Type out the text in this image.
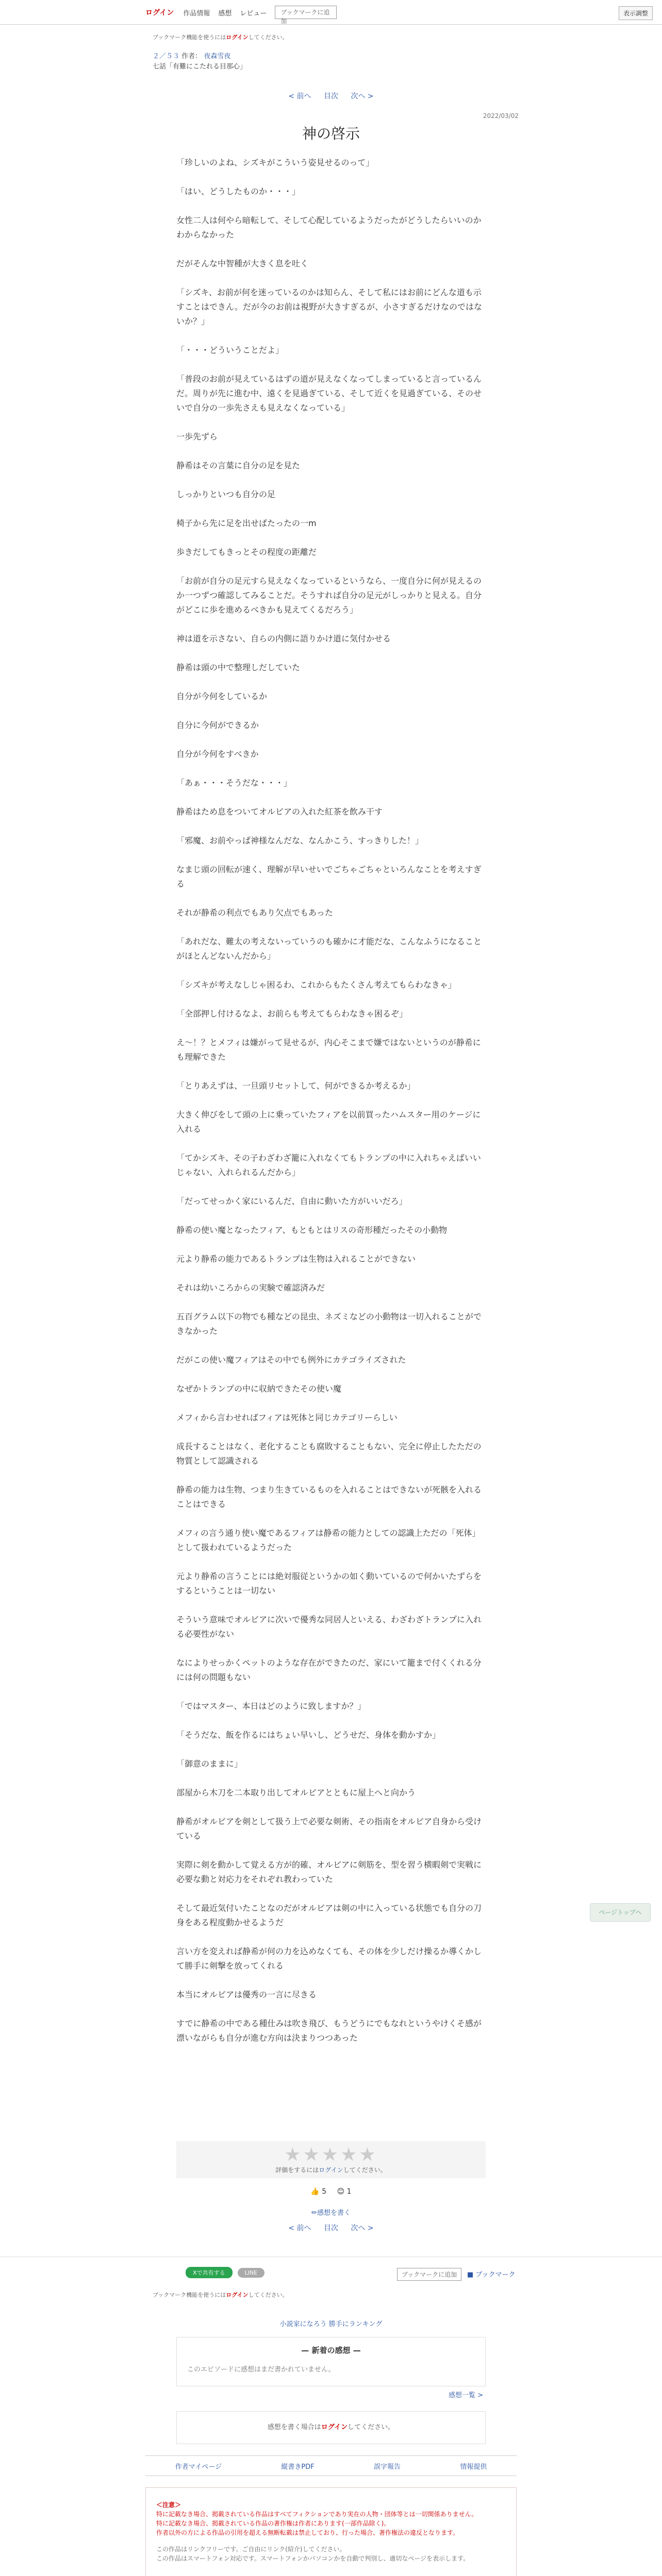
ログイン 作品情報 感想 レビュー	ブックマークに追加
表示調整
ブックマーク機能を使うにはログインしてください。
２／５３ 作者： 夜森雪夜
七話「有難にこたれる目那心」
< 前へ 目次 次へ >
2022/03/02
神の啓示

「珍しいのよね、シズキがこういう姿見せるのって」

「はい、どうしたものか・・・」

女性二人は何やら暗転して、そして心配しているようだったがどうしたらいいのかわからなかった

だがそんな中智種が大きく息を吐く

「シズキ、お前が何を迷っているのかは知らん、そして私にはお前にどんな道も示すことはできん。だが今のお前は視野が大きすぎるが、小さすぎるだけなのではないか？」

「・・・どういうことだよ」

「普段のお前が見えているはずの道が見えなくなってしまっていると言っているんだ。周りが先に進む中、遠くを見過ぎている、そして近くを見過ぎている、そのせいで自分の一歩先さえも見えなくなっている」

一歩先ずら

静希はその言葉に自分の足を見た

しっかりといつも自分の足

椅子から先に足を出せばたったの一m

歩きだしてもきっとその程度の距離だ

「お前が自分の足元すら見えなくなっているというなら、一度自分に何が見えるのか一つずつ確認してみることだ。そうすれば自分の足元がしっかりと見える。自分がどこに歩を進めるべきかも見えてくるだろう」

神は道を示さない、自らの内側に語りかけ道に気付かせる

静希は頭の中で整理しだしていた

自分が今何をしているか

自分に今何ができるか

自分が今何をすべきか

「あぁ・・・そうだな・・・」

静希はため息をついてオルビアの入れた紅茶を飲み干す

「邪魔、お前やっぱ神様なんだな、なんかこう、すっきりした！」

なまじ頭の回転が速く、理解が早いせいでごちゃごちゃといろんなことを考えすぎる

それが静希の利点でもあり欠点でもあった

「あれだな、難太の考えないっていうのも確かに才能だな、こんなふうになることがほとんどないんだから」

「シズキが考えなしじゃ困るわ、これからもたくさん考えてもらわなきゃ」

「全部押し付けるなよ、お前らも考えてもらわなきゃ困るぞ」

え～！？とメフィは嫌がって見せるが、内心そこまで嫌ではないというのが静希にも理解できた

「とりあえずは、一旦頭リセットして、何ができるか考えるか」

大きく伸びをして頭の上に乗っていたフィアを以前買ったハムスター用のケージに入れる

「てかシズキ、その子わざわざ籠に入れなくてもトランプの中に入れちゃえばいいじゃない、入れられるんだから」

「だってせっかく家にいるんだ、自由に動いた方がいいだろ」

静希の使い魔となったフィア、もともとはリスの奇形種だったその小動物

元より静希の能力であるトランプは生物は入れることができない

それは幼いころからの実験で確認済みだ

五百グラム以下の物でも種などの昆虫、ネズミなどの小動物は一切入れることができなかった

だがこの使い魔フィアはその中でも例外にカテゴライズされた

なぜかトランプの中に収納できたその使い魔

メフィから言わせればフィアは死体と同じカテゴリーらしい

成長することはなく、老化することも腐敗することもない、完全に停止したただの物質として認識される

静希の能力は生物、つまり生きているものを入れることはできないが死骸を入れることはできる

メフィの言う通り使い魔であるフィアは静希の能力としての認識上ただの「死体」として扱われているようだった

元より静希の言うことには絶対服従というかの如く動いているので何かいたずらをするということは一切ない

そういう意味でオルビアに次いで優秀な同居人といえる、わざわざトランプに入れる必要性がない

なによりせっかくペットのような存在ができたのだ、家にいて籠まで付くくれる分には何の問題もない

「ではマスター、本日はどのように致しますか？」

「そうだな、飯を作るにはちょい早いし、どうせだ、身体を動かすか」

「御意のままに」

部屋から木刀を二本取り出してオルビアとともに屋上へと向かう

静希がオルビアを剣として扱う上で必要な剣術、その指南をオルビア自身から受けている

実際に剣を動かして覚える方が的確、オルビアに剣筋を、型を習う横暇剣で実戦に必要な動と対応力をそれぞれ教わっていた

そして最近気付いたことなのだがオルビアは剣の中に入っている状態でも自分の刀身をある程度動かせるようだ

言い方を変えれば静希が何の力を込めなくても、その体を少しだけ操るか導くかして勝手に剣撃を放ってくれる

本当にオルビアは優秀の一言に尽きる

すでに静希の中である種仕みは吹き飛び、もうどうにでもなれというやけくそ感が漂いながらも自分が進む方向は決まりつつあった

ページトップへ
★★★★★
評価をするにはログインしてください。
👍 5 😊 1
✏感想を書く
< 前へ 目次 次へ >
Xで共有する	LINE	ブックマークに追加	■ ブックマーク
ブックマーク機能を使うにはログインしてください。
小説家になろう 勝手にランキング
— 新着の感想 —
このエピソードに感想はまだ書かれていません。
感想一覧 >
感想を書く場合はログインしてください。
作者マイページ	縦書きPDF	誤字報告	情報提供
＜注意＞
特に記載なき場合、掲載されている作品はすべてフィクションであり実在の人物・団体等とは一切関係ありません。
特に記載なき場合、掲載されている作品の著作権は作者にあります(一部作品除く)。
作者以外の方による作品の引用を超える無断転載は禁止しており、行った場合、著作権法の違反となります。
この作品はリンクフリーです。ご自由にリンク(紹介)してください。
この作品はスマートフォン対応です。スマートフォンかパソコンかを自動で判別し、適切なページを表示します。
